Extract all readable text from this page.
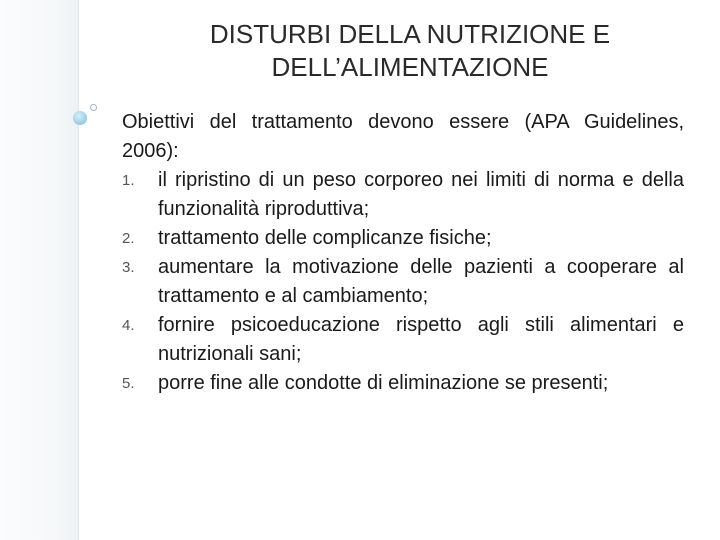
DISTURBI DELLA NUTRIZIONE E
DELL’ALIMENTAZIONE

Obiettivi del trattamento devono essere (APA Guidelines, 2006):

1. il ripristino di un peso corporeo nei limiti di norma e della funzionalità riproduttiva;
2. trattamento delle complicanze fisiche;
3. aumentare la motivazione delle pazienti a cooperare al trattamento e al cambiamento;
4. fornire psicoeducazione rispetto agli stili alimentari e nutrizionali sani;
5. porre fine alle condotte di eliminazione se presenti;
